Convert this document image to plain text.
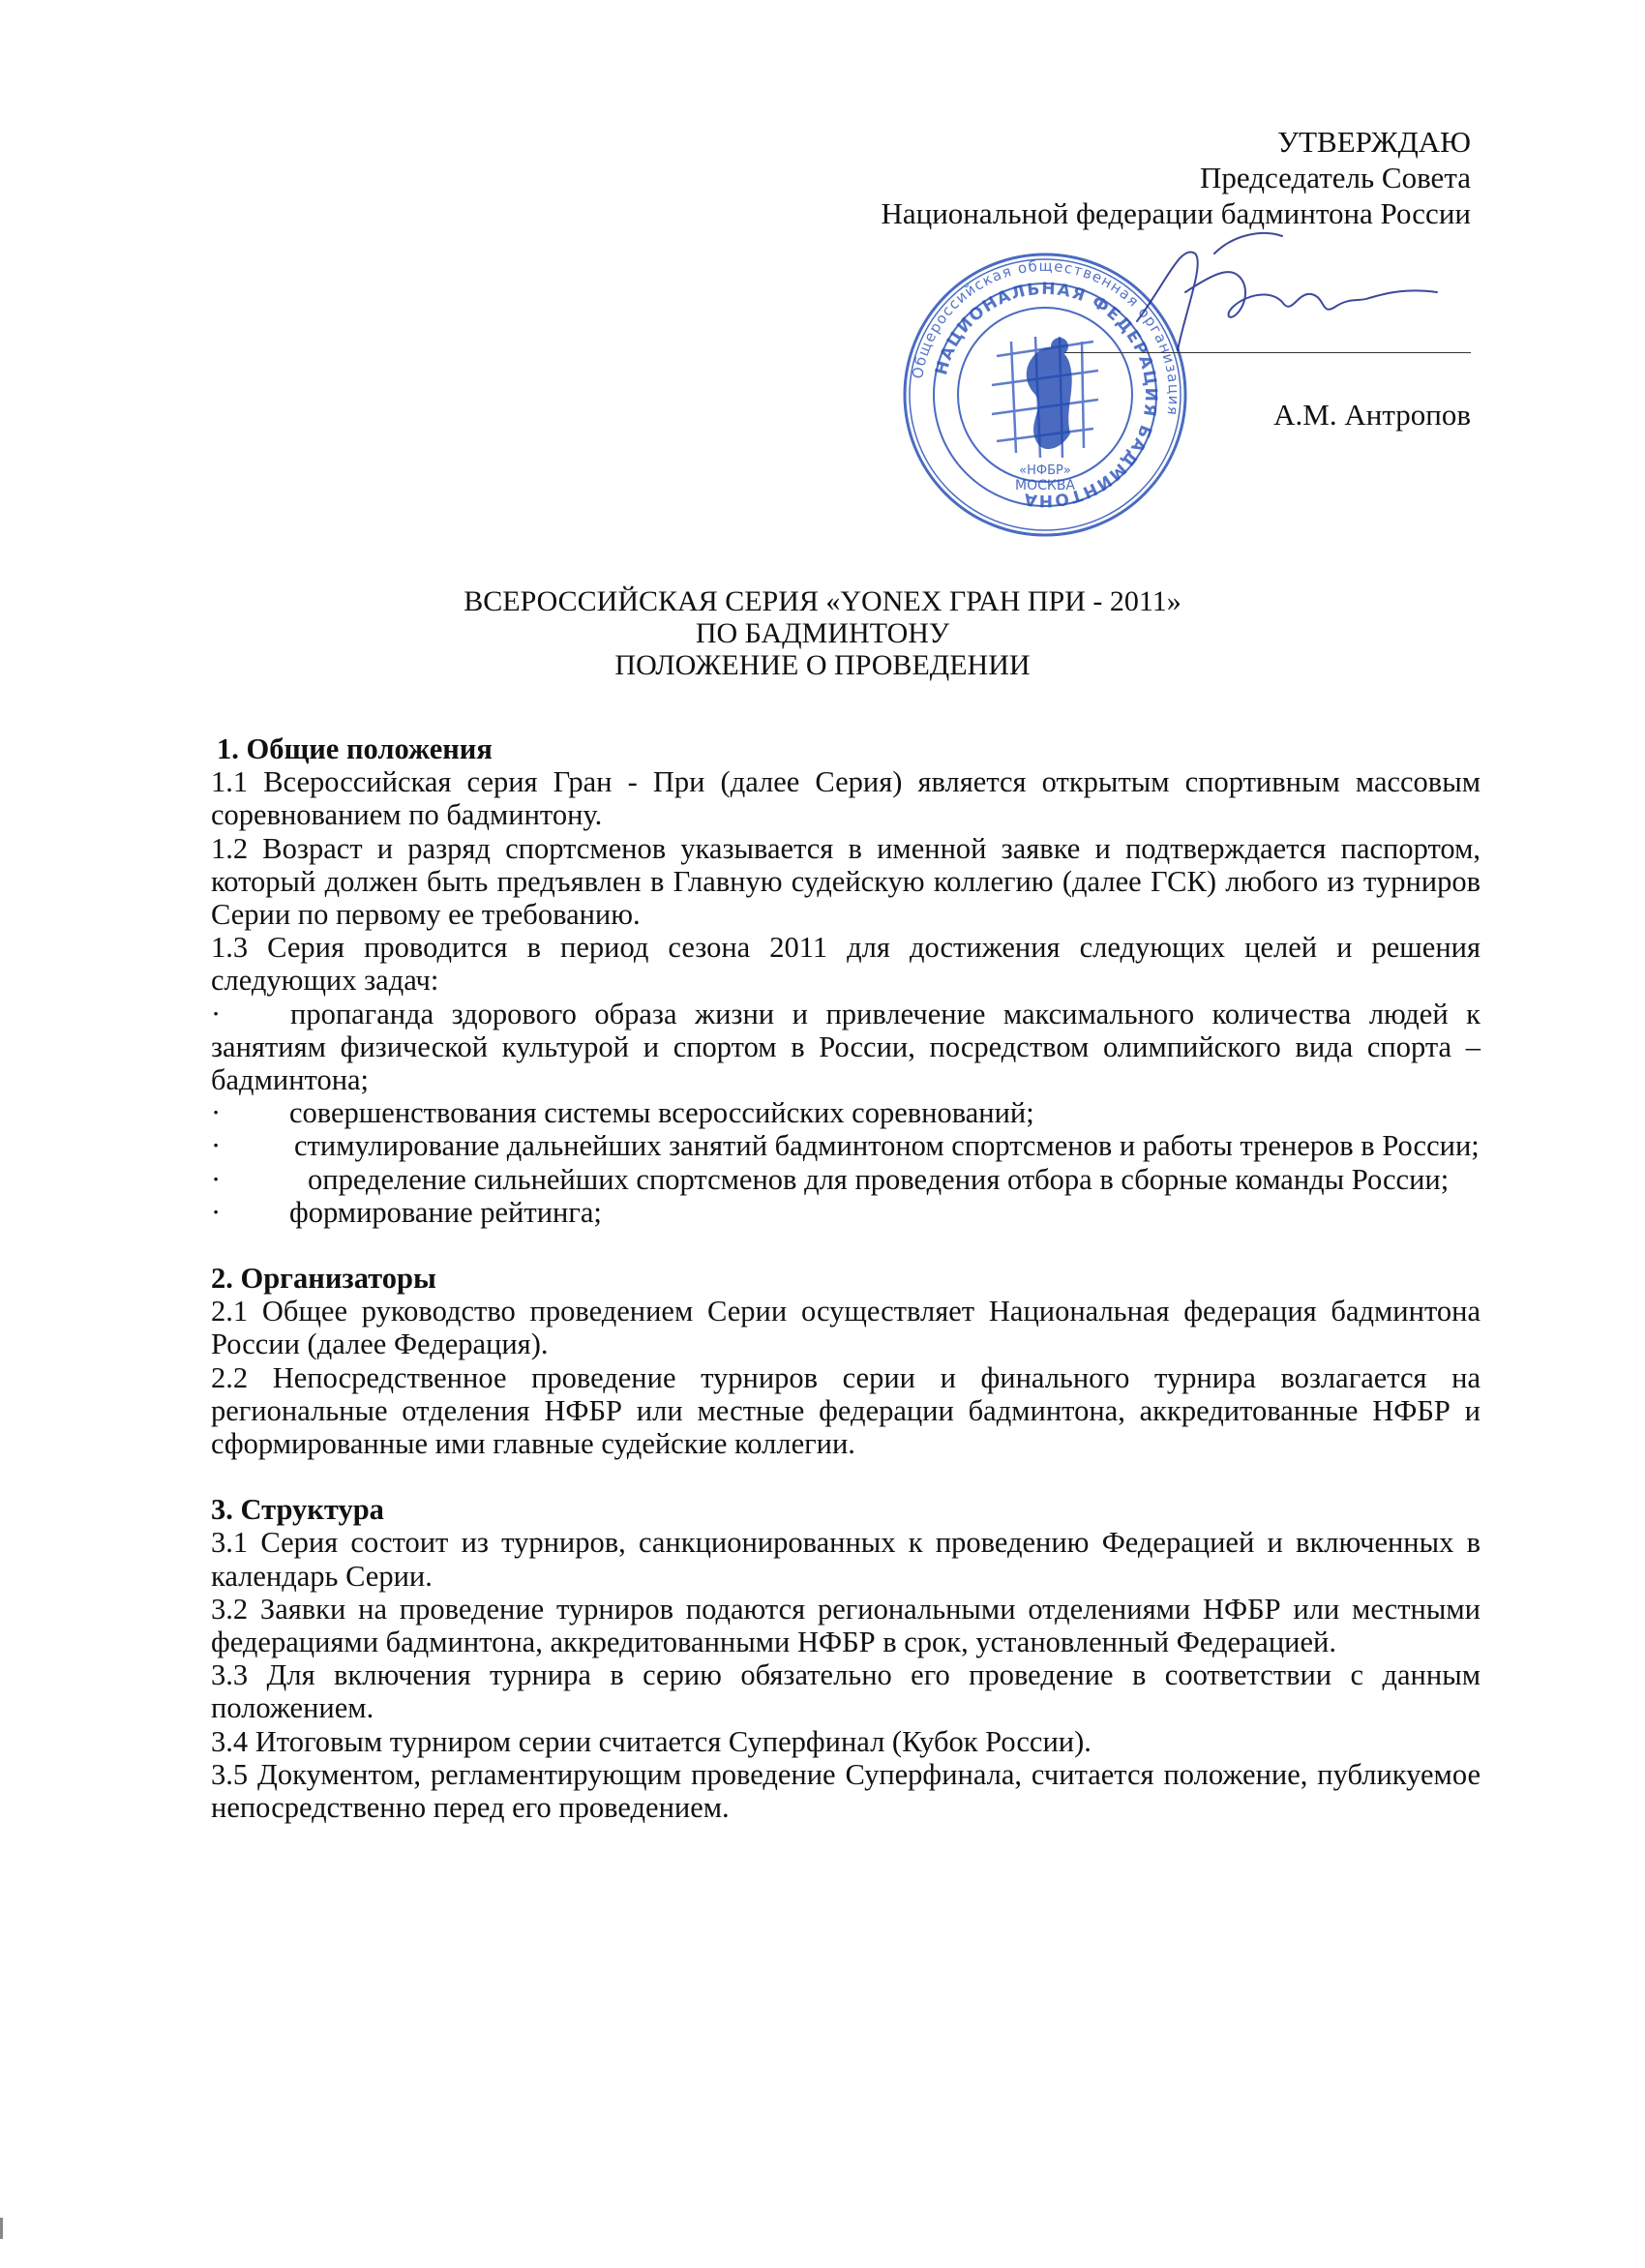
Общероссийская общественная организация
НАЦИОНАЛЬНАЯ ФЕДЕРАЦИЯ БАДМИНТОНА
МОСКВА
«НФБР»
УТВЕРЖДАЮ
Председатель Совета
Национальной федерации бадминтона России
А.М. Антропов
ВСЕРОССИЙСКАЯ СЕРИЯ «YONEX ГРАН ПРИ - 2011»
ПО БАДМИНТОНУ
ПОЛОЖЕНИЕ О ПРОВЕДЕНИИ
1. Общие положения

1.1 Всероссийская серия Гран - При (далее Серия) является открытым спортивным массовым соревнованием по бадминтону.

1.2 Возраст и разряд спортсменов указывается в именной заявке и подтверждается паспортом, который должен быть предъявлен в Главную судейскую коллегию (далее ГСК) любого из турниров Серии по первому ее требованию.

1.3 Серия проводится в период сезона 2011 для достижения следующих целей и решения следующих задач:

·	пропаганда здорового образа жизни и привлечение максимального количества людей к занятиям физической культурой и спортом в России, посредством олимпийского вида спорта – бадминтона;
·	совершенствования системы всероссийских соревнований;
·	стимулирование дальнейших занятий бадминтоном спортсменов и работы тренеров в России;
·	определение сильнейших спортсменов для проведения отбора в сборные команды России;
·	формирование рейтинга;
2. Организаторы

2.1 Общее руководство проведением Серии осуществляет Национальная федерация бадминтона России (далее Федерация).

2.2 Непосредственное проведение турниров серии и финального турнира возлагается на региональные отделения НФБР или местные федерации бадминтона, аккредитованные НФБР и сформированные ими главные судейские коллегии.

3. Структура

3.1 Серия состоит из турниров, санкционированных к проведению Федерацией и включенных в календарь Серии.

3.2 Заявки на проведение турниров подаются региональными отделениями НФБР или местными федерациями бадминтона, аккредитованными НФБР в срок, установленный Федерацией.

3.3 Для включения турнира в серию обязательно его проведение в соответствии с данным положением.

3.4 Итоговым турниром серии считается Суперфинал (Кубок России).

3.5 Документом, регламентирующим проведение Суперфинала, считается положение, публикуемое непосредственно перед его проведением.
